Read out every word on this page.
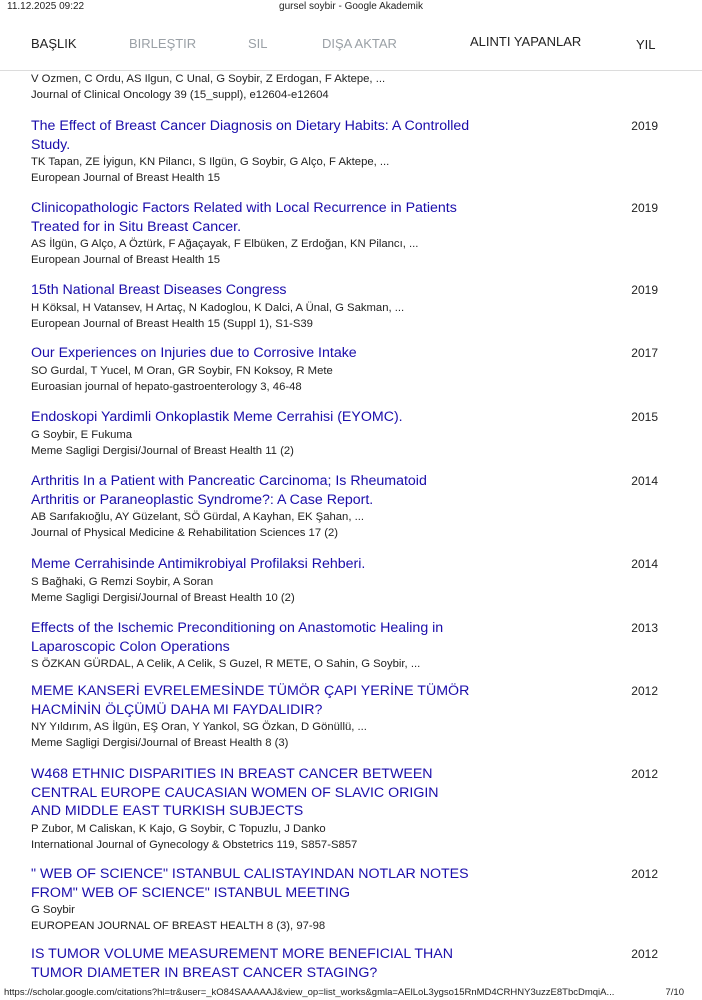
11.12.2025 09:22	gursel soybir - Google Akademik
BAŞLIK	BIRLEŞTIR	SIL	DIŞA AKTAR	ALINTI YAPANLAR	YIL
V Ozmen, C Ordu, AS Ilgun, C Unal, G Soybir, Z Erdogan, F Aktepe, ...
Journal of Clinical Oncology 39 (15_suppl), e12604-e12604
The Effect of Breast Cancer Diagnosis on Dietary Habits: A Controlled Study.
TK Tapan, ZE İyigun, KN Pilancı, S Ilgün, G Soybir, G Alço, F Aktepe, ...
European Journal of Breast Health 15
2019
Clinicopathologic Factors Related with Local Recurrence in Patients Treated for in Situ Breast Cancer.
AS İlgün, G Alço, A Öztürk, F Ağaçayak, F Elbüken, Z Erdoğan, KN Pilancı, ...
European Journal of Breast Health 15
2019
15th National Breast Diseases Congress
H Köksal, H Vatansev, H Artaç, N Kadoglou, K Dalci, A Ünal, G Sakman, ...
European Journal of Breast Health 15 (Suppl 1), S1-S39
2019
Our Experiences on Injuries due to Corrosive Intake
SO Gurdal, T Yucel, M Oran, GR Soybir, FN Koksoy, R Mete
Euroasian journal of hepato-gastroenterology 3, 46-48
2017
Endoskopi Yardimli Onkoplastik Meme Cerrahisi (EYOMC).
G Soybir, E Fukuma
Meme Sagligi Dergisi/Journal of Breast Health 11 (2)
2015
Arthritis In a Patient with Pancreatic Carcinoma; Is Rheumatoid Arthritis or Paraneoplastic Syndrome?: A Case Report.
AB Sarıfakıoğlu, AY Güzelant, SÖ Gürdal, A Kayhan, EK Şahan, ...
Journal of Physical Medicine & Rehabilitation Sciences 17 (2)
2014
Meme Cerrahisinde Antimikrobiyal Profilaksi Rehberi.
S Bağhaki, G Remzi Soybir, A Soran
Meme Sagligi Dergisi/Journal of Breast Health 10 (2)
2014
Effects of the Ischemic Preconditioning on Anastomotic Healing in Laparoscopic Colon Operations
S ÖZKAN GÜRDAL, A Celik, A Celik, S Guzel, R METE, O Sahin, G Soybir, ...
2013
MEME KANSERİ EVRELEMESİNDE TÜMÖR ÇAPI YERİNE TÜMÖR HACMİNİN ÖLÇÜMÜ DAHA MI FAYDALIDIR?
NY Yıldırım, AS İlgün, EŞ Oran, Y Yankol, SG Özkan, D Gönüllü, ...
Meme Sagligi Dergisi/Journal of Breast Health 8 (3)
2012
W468 ETHNIC DISPARITIES IN BREAST CANCER BETWEEN CENTRAL EUROPE CAUCASIAN WOMEN OF SLAVIC ORIGIN AND MIDDLE EAST TURKISH SUBJECTS
P Zubor, M Caliskan, K Kajo, G Soybir, C Topuzlu, J Danko
International Journal of Gynecology & Obstetrics 119, S857-S857
2012
" WEB OF SCIENCE" ISTANBUL CALISTAYINDAN NOTLAR NOTES FROM" WEB OF SCIENCE" ISTANBUL MEETING
G Soybir
EUROPEAN JOURNAL OF BREAST HEALTH 8 (3), 97-98
2012
IS TUMOR VOLUME MEASUREMENT MORE BENEFICIAL THAN TUMOR DIAMETER IN BREAST CANCER STAGING?
2012
https://scholar.google.com/citations?hl=tr&user=_kO84SAAAAAJ&view_op=list_works&gmla=AElLoL3ygso15RnMD4CRHNY3uzzE8TbcDmqiA...	7/10
